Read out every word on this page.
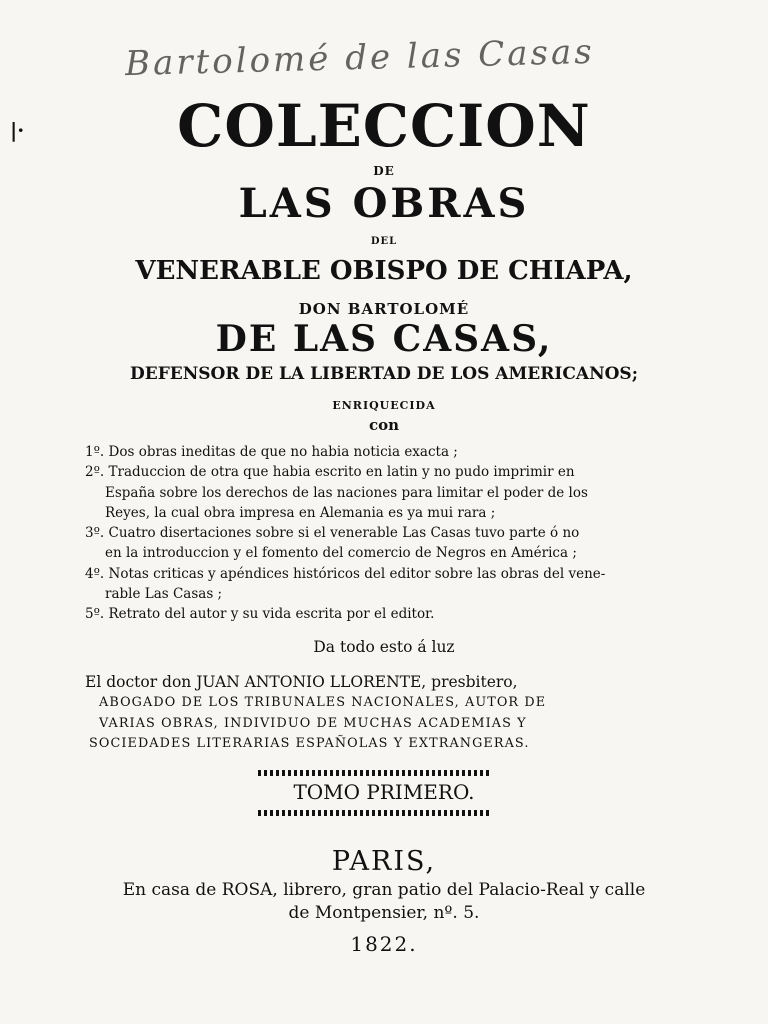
Bartolomé de las Casas
|·	COLECCION
DE
LAS OBRAS
DEL
VENERABLE OBISPO DE CHIAPA,
DON BARTOLOMÉ
DE LAS CASAS,
DEFENSOR DE LA LIBERTAD DE LOS AMERICANOS;
ENRIQUECIDA
con
1º. Dos obras ineditas de que no habia noticia exacta ;
2º. Traduccion de otra que habia escrito en latin y no pudo imprimir en
España sobre los derechos de las naciones para limitar el poder de los
Reyes, la cual obra impresa en Alemania es ya mui rara ;
3º. Cuatro disertaciones sobre si el venerable Las Casas tuvo parte ó no
en la introduccion y el fomento del comercio de Negros en América ;
4º. Notas criticas y apéndices históricos del editor sobre las obras del vene-
rable Las Casas ;
5º. Retrato del autor y su vida escrita por el editor.
Da todo esto á luz
El doctor don JUAN ANTONIO LLORENTE, presbitero,
ABOGADO DE LOS TRIBUNALES NACIONALES, AUTOR DE
VARIAS OBRAS, INDIVIDUO DE MUCHAS ACADEMIAS Y
SOCIEDADES LITERARIAS ESPAÑOLAS Y EXTRANGERAS.
TOMO PRIMERO.
PARIS,
En casa de ROSA, librero, gran patio del Palacio-Real y calle
de Montpensier, nº. 5.
1822.
